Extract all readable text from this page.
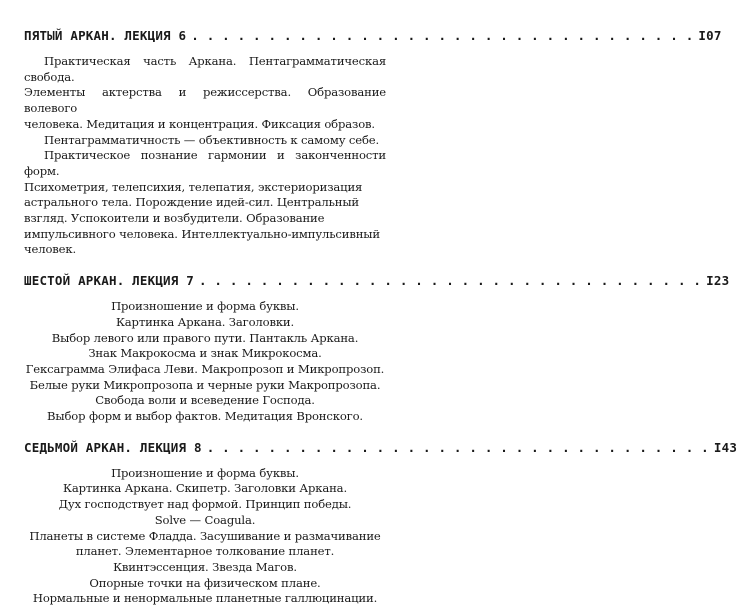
ПЯТЫЙ АРКАН. ЛЕКЦИЯ 6 . . . . . . . . . . . . . . . . . . . . . . . . . . . . . . . . . I07
Практическая часть Аркана. Пентаграмматическая свобода.
Элементы актерства и режиссерства. Образование волевого
человека. Медитация и концентрация. Фиксация образов.
Пентаграмматичность — объективность к самому себе.
Практическое познание гармонии и законченности форм.
Психометрия, телепсихия, телепатия, экстериоризация
астрального тела. Порождение идей-сил. Центральный
взгляд. Успокоители и возбудители. Образование
импульсивного человека. Интеллектуально-импульсивный
человек.
ШЕСТОЙ АРКАН. ЛЕКЦИЯ 7 . . . . . . . . . . . . . . . . . . . . . . . . . . . . . . . . . I23
Произношение и форма буквы.
Картинка Аркана. Заголовки.
Выбор левого или правого пути. Пантакль Аркана.
Знак Макрокосма и знак Микрокосма.
Гексаграмма Элифаса Леви. Макропрозоп и Микропрозоп.
Белые руки Микропрозопа и черные руки Макропрозопа.
Свобода воли и всеведение Господа.
Выбор форм и выбор фактов. Медитация Вронского.
СЕДЬМОЙ АРКАН. ЛЕКЦИЯ 8 . . . . . . . . . . . . . . . . . . . . . . . . . . . . . . . . . I43
Произношение и форма буквы.
Картинка Аркана. Скипетр. Заголовки Аркана.
Дух господствует над формой. Принцип победы.
Solve — Coagula.
Планеты в системе Фладда. Засушивание и размачивание
планет. Элементарное толкование планет.
Квинтэссенция. Звезда Магов.
Опорные точки на физическом плане.
Нормальные и ненормальные планетные галлюцинации.
